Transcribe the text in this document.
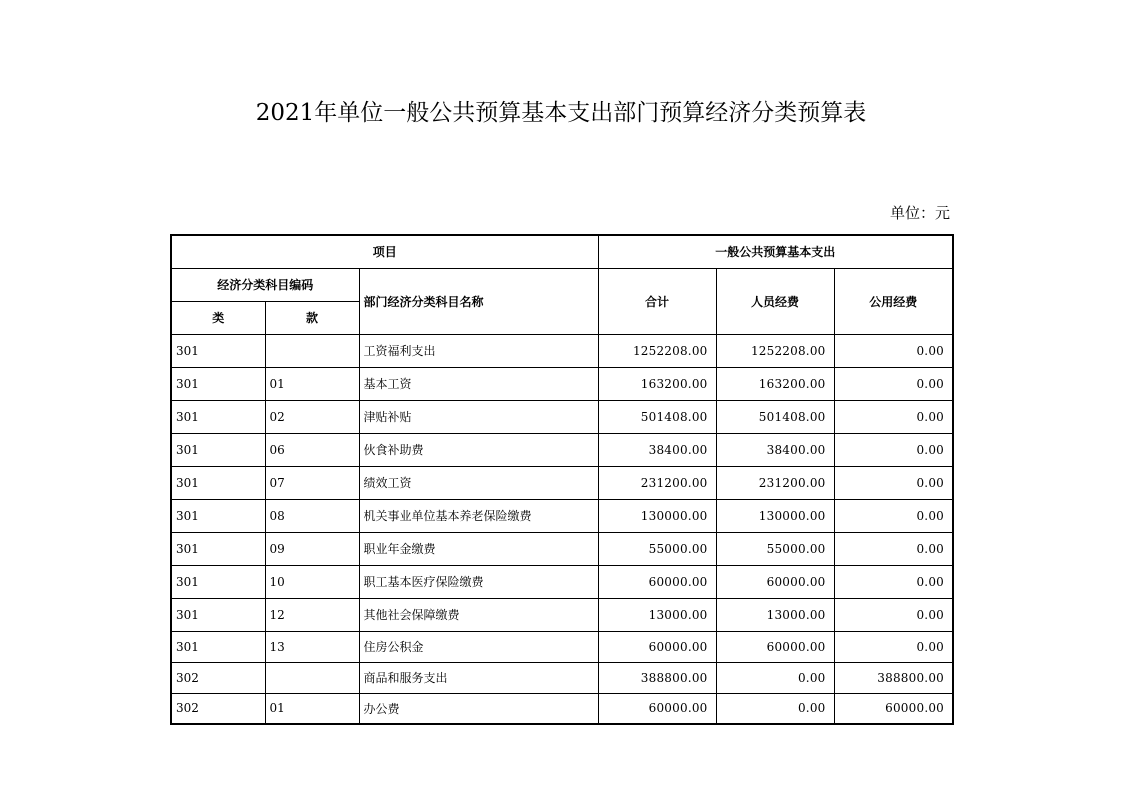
2021年单位一般公共预算基本支出部门预算经济分类预算表
单位：元
项目			一般公共预算基本支出		
经济分类科目编码		部门经济分类科目名称	合计	人员经费	公用经费
类	款				
301		工资福利支出	1252208.00	1252208.00	0.00
301	01	基本工资	163200.00	163200.00	0.00
301	02	津贴补贴	501408.00	501408.00	0.00
301	06	伙食补助费	38400.00	38400.00	0.00
301	07	绩效工资	231200.00	231200.00	0.00
301	08	机关事业单位基本养老保险缴费	130000.00	130000.00	0.00
301	09	职业年金缴费	55000.00	55000.00	0.00
301	10	职工基本医疗保险缴费	60000.00	60000.00	0.00
301	12	其他社会保障缴费	13000.00	13000.00	0.00
301	13	住房公积金	60000.00	60000.00	0.00
302		商品和服务支出	388800.00	0.00	388800.00
302	01	办公费	60000.00	0.00	60000.00
